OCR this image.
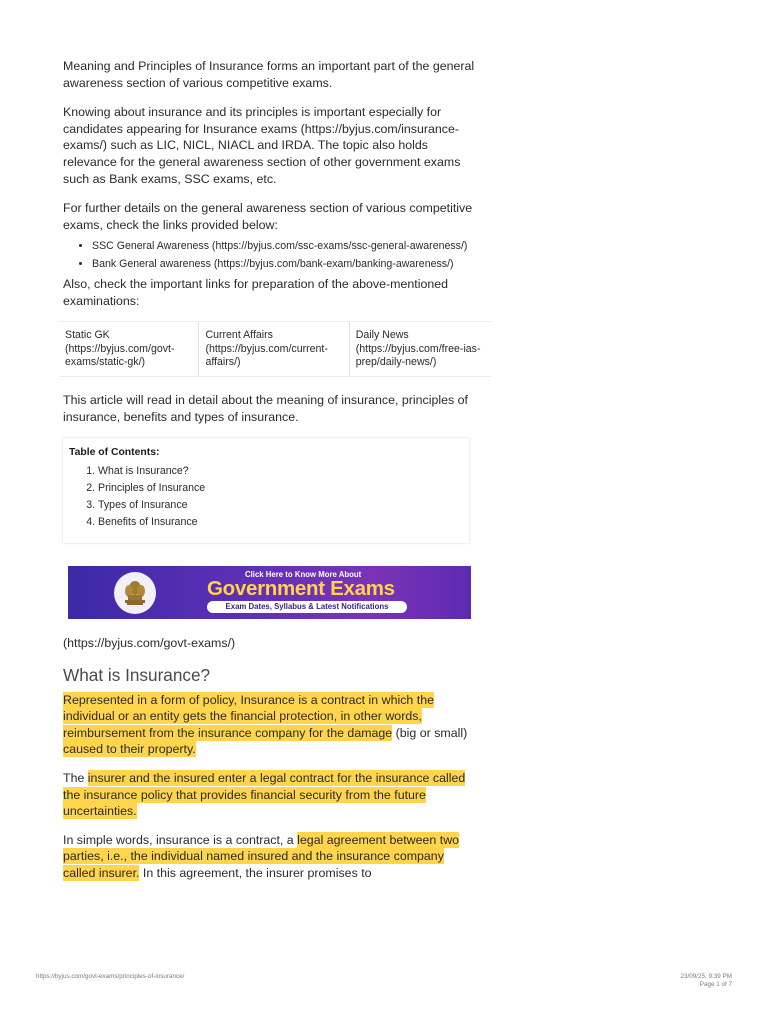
Meaning and Principles of Insurance forms an important part of the general awareness section of various competitive exams.

Knowing about insurance and its principles is important especially for candidates appearing for Insurance exams (https://byjus.com/insurance-exams/) such as LIC, NICL, NIACL and IRDA. The topic also holds relevance for the general awareness section of other government exams such as Bank exams, SSC exams, etc.

For further details on the general awareness section of various competitive exams, check the links provided below:

• SSC General Awareness (https://byjus.com/ssc-exams/ssc-general-awareness/)
• Bank General awareness (https://byjus.com/bank-exam/banking-awareness/)

Also, check the important links for preparation of the above-mentioned examinations:

Static GK (https://byjus.com/govt-exams/static-gk/)	Current Affairs (https://byjus.com/current-affairs/)	Daily News (https://byjus.com/free-ias-prep/daily-news/)

This article will read in detail about the meaning of insurance, principles of insurance, benefits and types of insurance.

Table of Contents:
1. What is Insurance?
2. Principles of Insurance
3. Types of Insurance
4. Benefits of Insurance
Click Here to Know More About
Government Exams
Exam Dates, Syllabus & Latest Notifications

(https://byjus.com/govt-exams/)

What is Insurance?

Represented in a form of policy, Insurance is a contract in which the individual or an entity gets the financial protection, in other words, reimbursement from the insurance company for the damage (big or small) caused to their property.

The insurer and the insured enter a legal contract for the insurance called the insurance policy that provides financial security from the future uncertainties.

In simple words, insurance is a contract, a legal agreement between two parties, i.e., the individual named insured and the insurance company called insurer. In this agreement, the insurer promises to

https://byjus.com/govt-exams/principles-of-insurance/	23/09/25, 9:39 PM
Page 1 of 7
